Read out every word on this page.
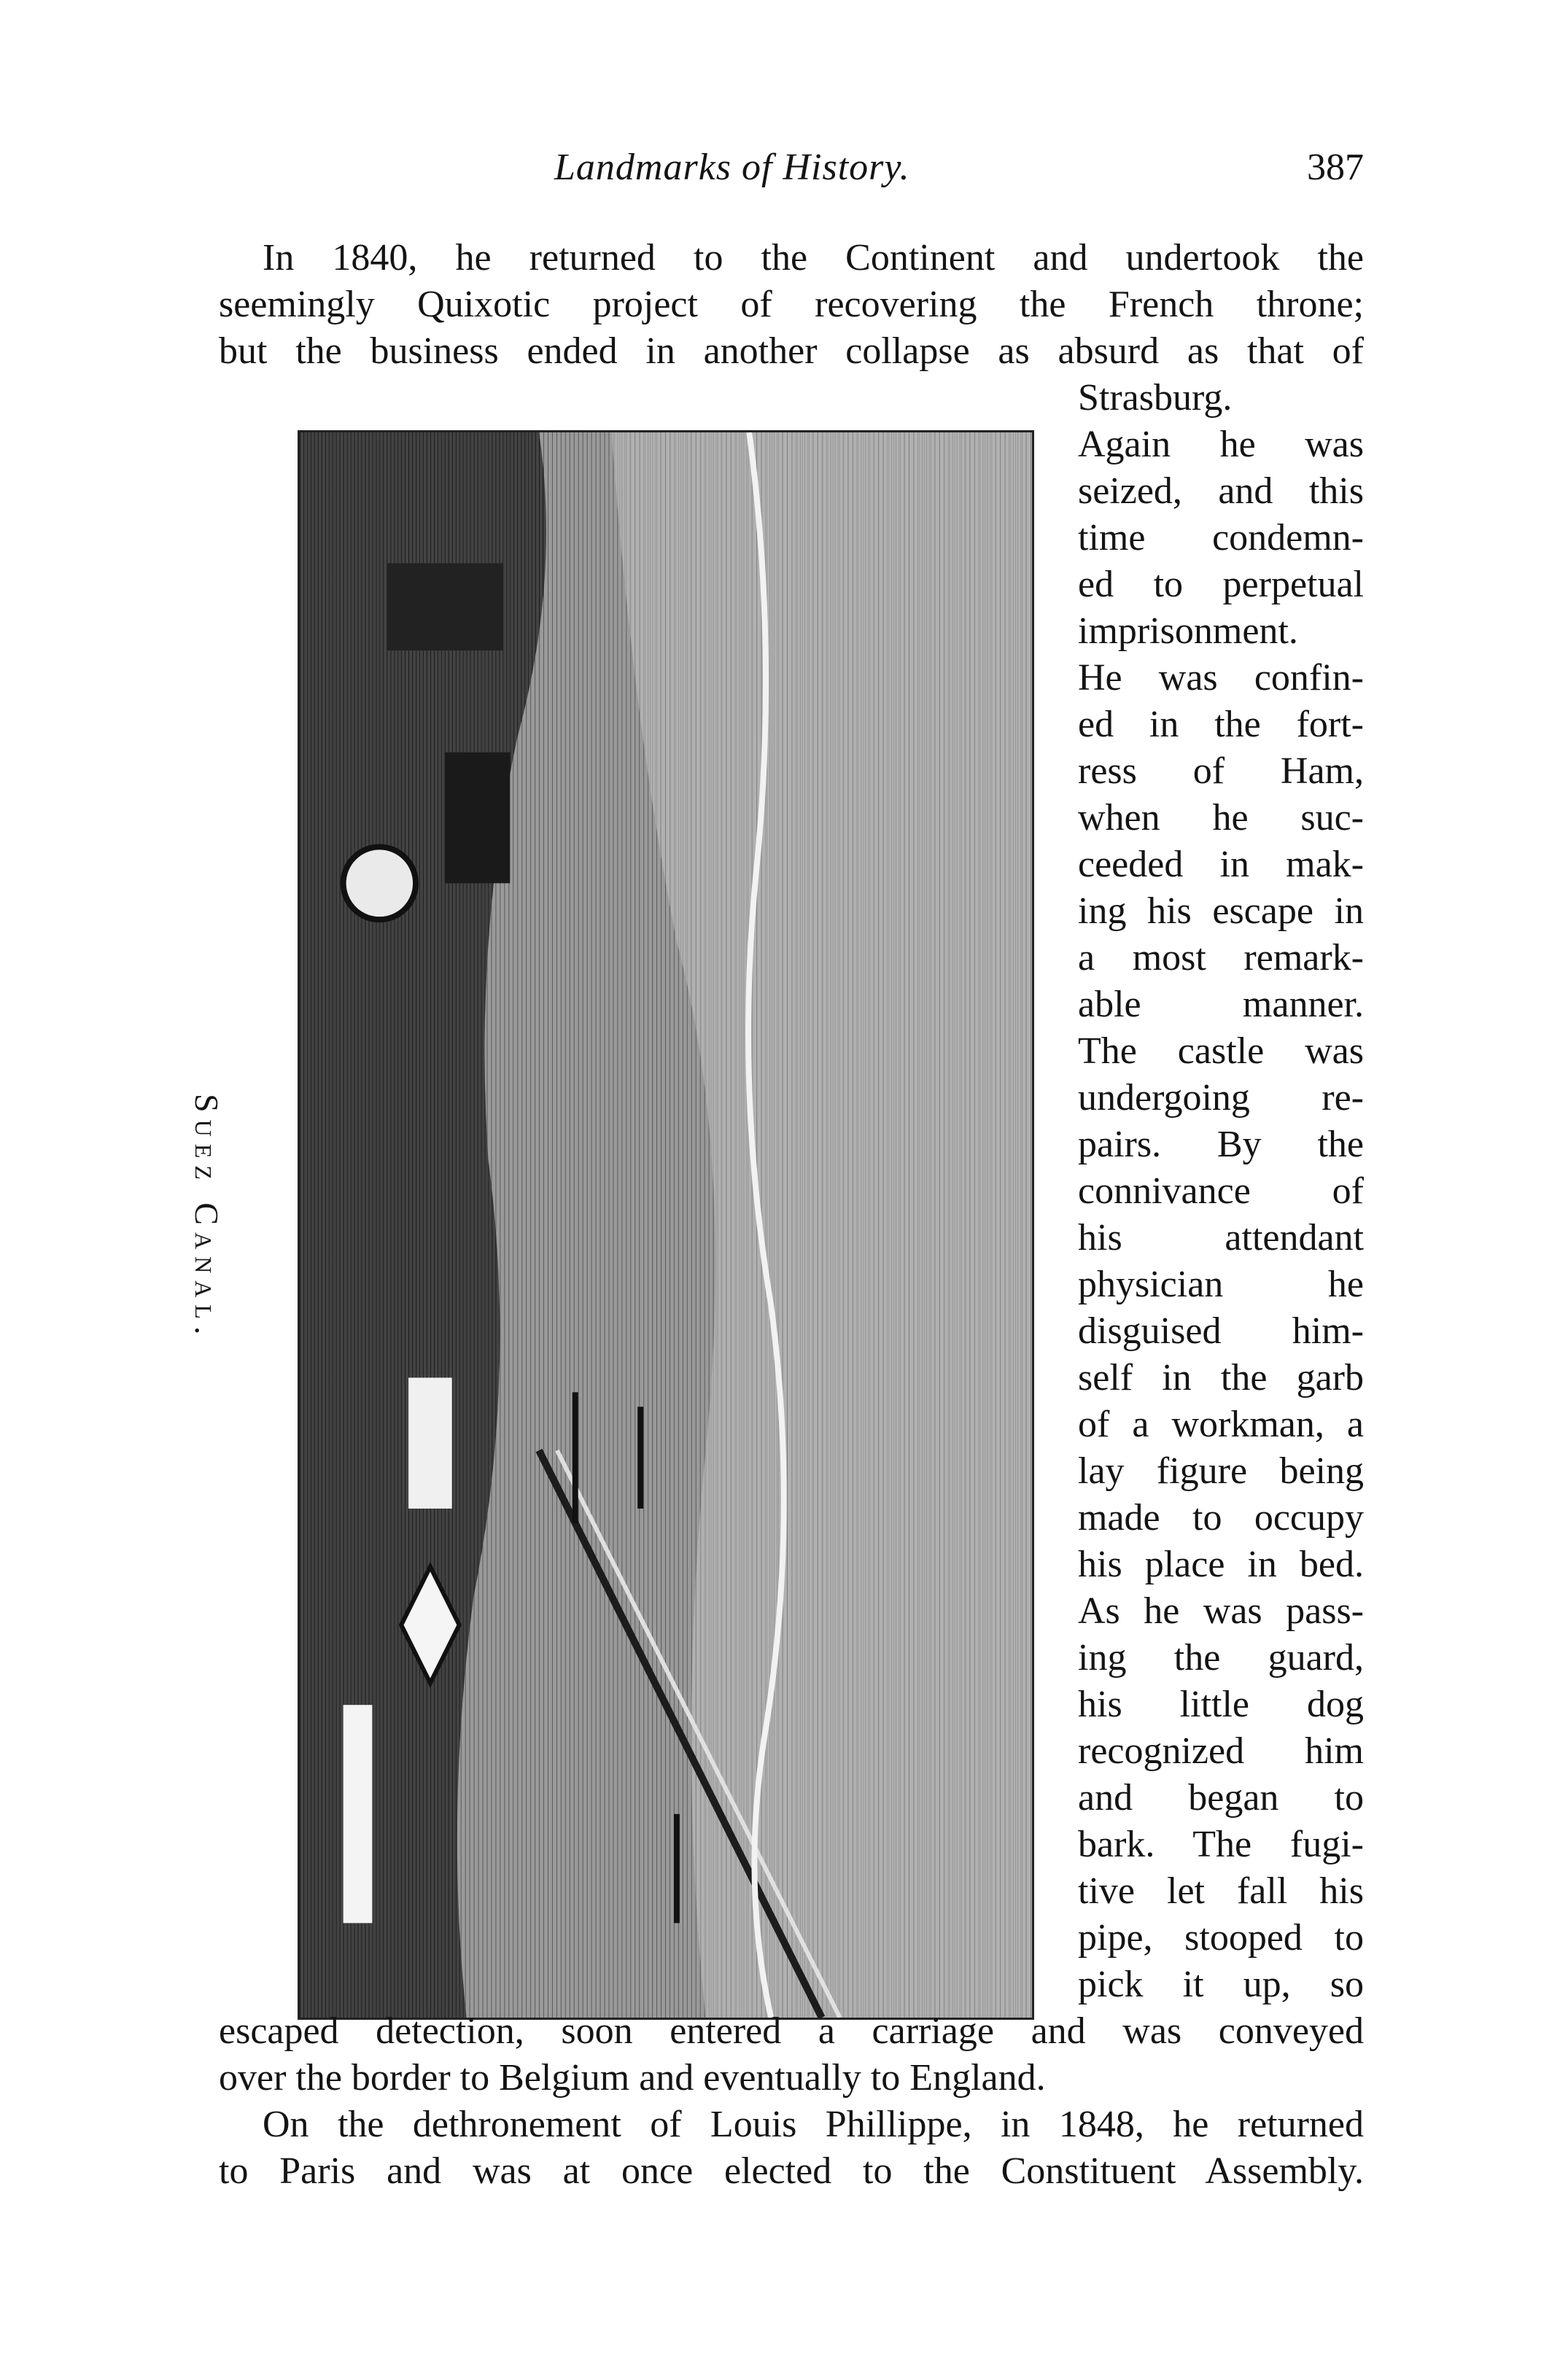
Landmarks of History.	387
In 1840, he returned to the Continent and undertook the
seemingly Quixotic project of recovering the French throne;
but the business ended in another collapse as absurd as that of
Suez Canal.
Strasburg.
Again he was
seized, and this
time condemn-
ed to perpetual
imprisonment.
He was confin-
ed in the fort-
ress of Ham,
when he suc-
ceeded in mak-
ing his escape in
a most remark-
able manner.
The castle was
undergoing re-
pairs. By the
connivance of
his attendant
physician he
disguised him-
self in the garb
of a workman, a
lay figure being
made to occupy
his place in bed.
As he was pass-
ing the guard,
his little dog
recognized him
and began to
bark. The fugi-
tive let fall his
pipe, stooped to
pick it up, so
escaped detection, soon entered a carriage and was conveyed
over the border to Belgium and eventually to England.
On the dethronement of Louis Phillippe, in 1848, he returned
to Paris and was at once elected to the Constituent Assembly.
